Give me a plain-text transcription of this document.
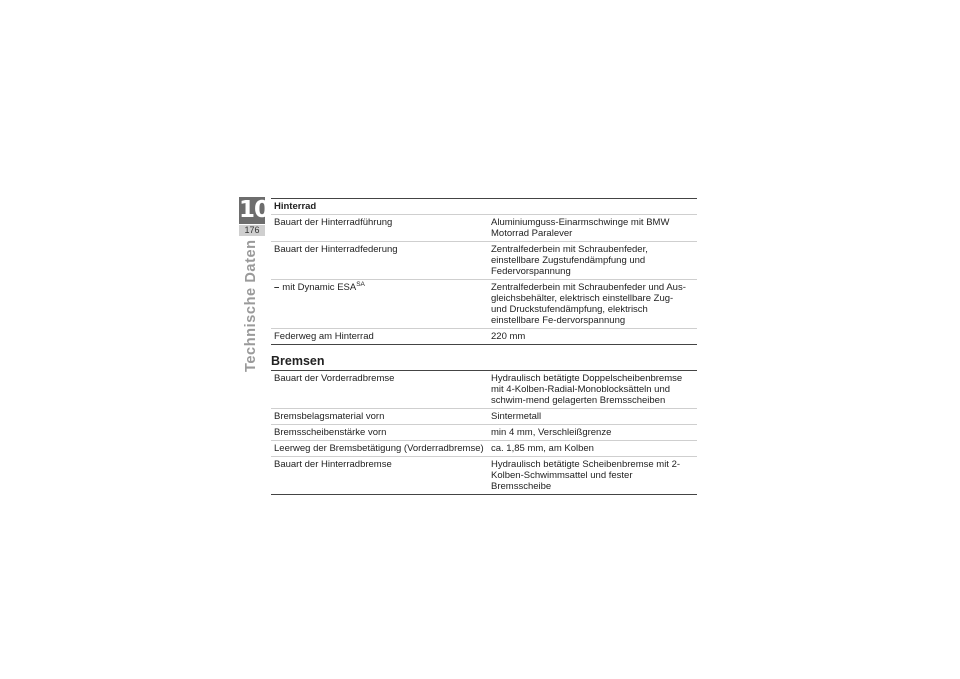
10
176
Technische Daten
Hinterrad
Bauart der Hinterradführung	Aluminiumguss-Einarmschwinge mit BMW Motorrad Paralever
Bauart der Hinterradfederung	Zentralfederbein mit Schraubenfeder, einstellbare Zugstufendämpfung und Federvorspannung
– mit Dynamic $ESA^{SA}$	Zentralfederbein mit Schraubenfeder und Aus-gleichsbehälter, elektrisch einstellbare Zug- und Druckstufendämpfung, elektrisch einstellbare Fe-dervorspannung
Federweg am Hinterrad	220 mm
Bremsen
Bauart der Vorderradbremse	Hydraulisch betätigte Doppelscheibenbremse mit 4-Kolben-Radial-Monoblocksätteln und schwim-mend gelagerten Bremsscheiben
Bremsbelagsmaterial vorn	Sintermetall
Bremsscheibenstärke vorn	min 4 mm, Verschleißgrenze
Leerweg der Bremsbetätigung (Vorderradbremse) ca. 1,85 mm, am Kolben
Bauart der Hinterradbremse	Hydraulisch betätigte Scheibenbremse mit 2-Kolben-Schwimmsattel und fester Bremsscheibe
